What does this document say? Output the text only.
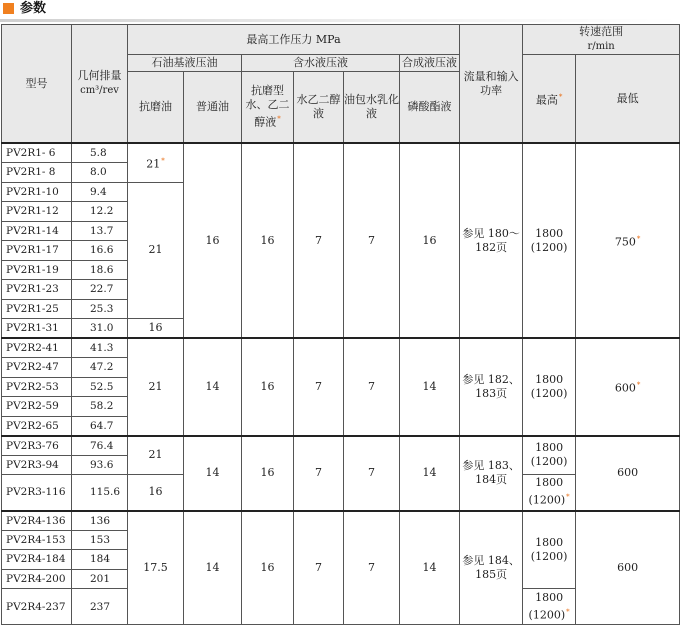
参数
型号	几何排量
cm³/rev	最高工作压力 MPa						流量和输入功率	转速范围
r/min	
		石油基液压油		含水液压液			合成液压液		最高*	最低
		抗磨油	普通油	抗磨型水、乙二醇液*	水乙二醇液	油包水乳化液	磷酸酯液			
PV2R1- 6	5.8	21*	16	16	7	7	16	参见 180～182页	1800 (1200)	750*
PV2R1- 8	8.0									
PV2R1-10	9.4	21								
PV2R1-12	12.2									
PV2R1-14	13.7									
PV2R1-17	16.6									
PV2R1-19	18.6									
PV2R1-23	22.7									
PV2R1-25	25.3									
PV2R1-31	31.0	16								
PV2R2-41	41.3	21	14	16	7	7	14	参见 182、183页	1800 (1200)	600*
PV2R2-47	47.2									
PV2R2-53	52.5									
PV2R2-59	58.2									
PV2R2-65	64.7									
PV2R3-76	76.4	21	14	16	7	7	14	参见 183、184页	1800 (1200)	600
PV2R3-94	93.6									
PV2R3-116	115.6	16							1800 (1200)*
PV2R4-136	136	17.5	14	16	7	7	14	参见 184、185页	1800 (1200)	600
PV2R4-153	153									
PV2R4-184	184									
PV2R4-200	201									
PV2R4-237	237								1800 (1200)*
